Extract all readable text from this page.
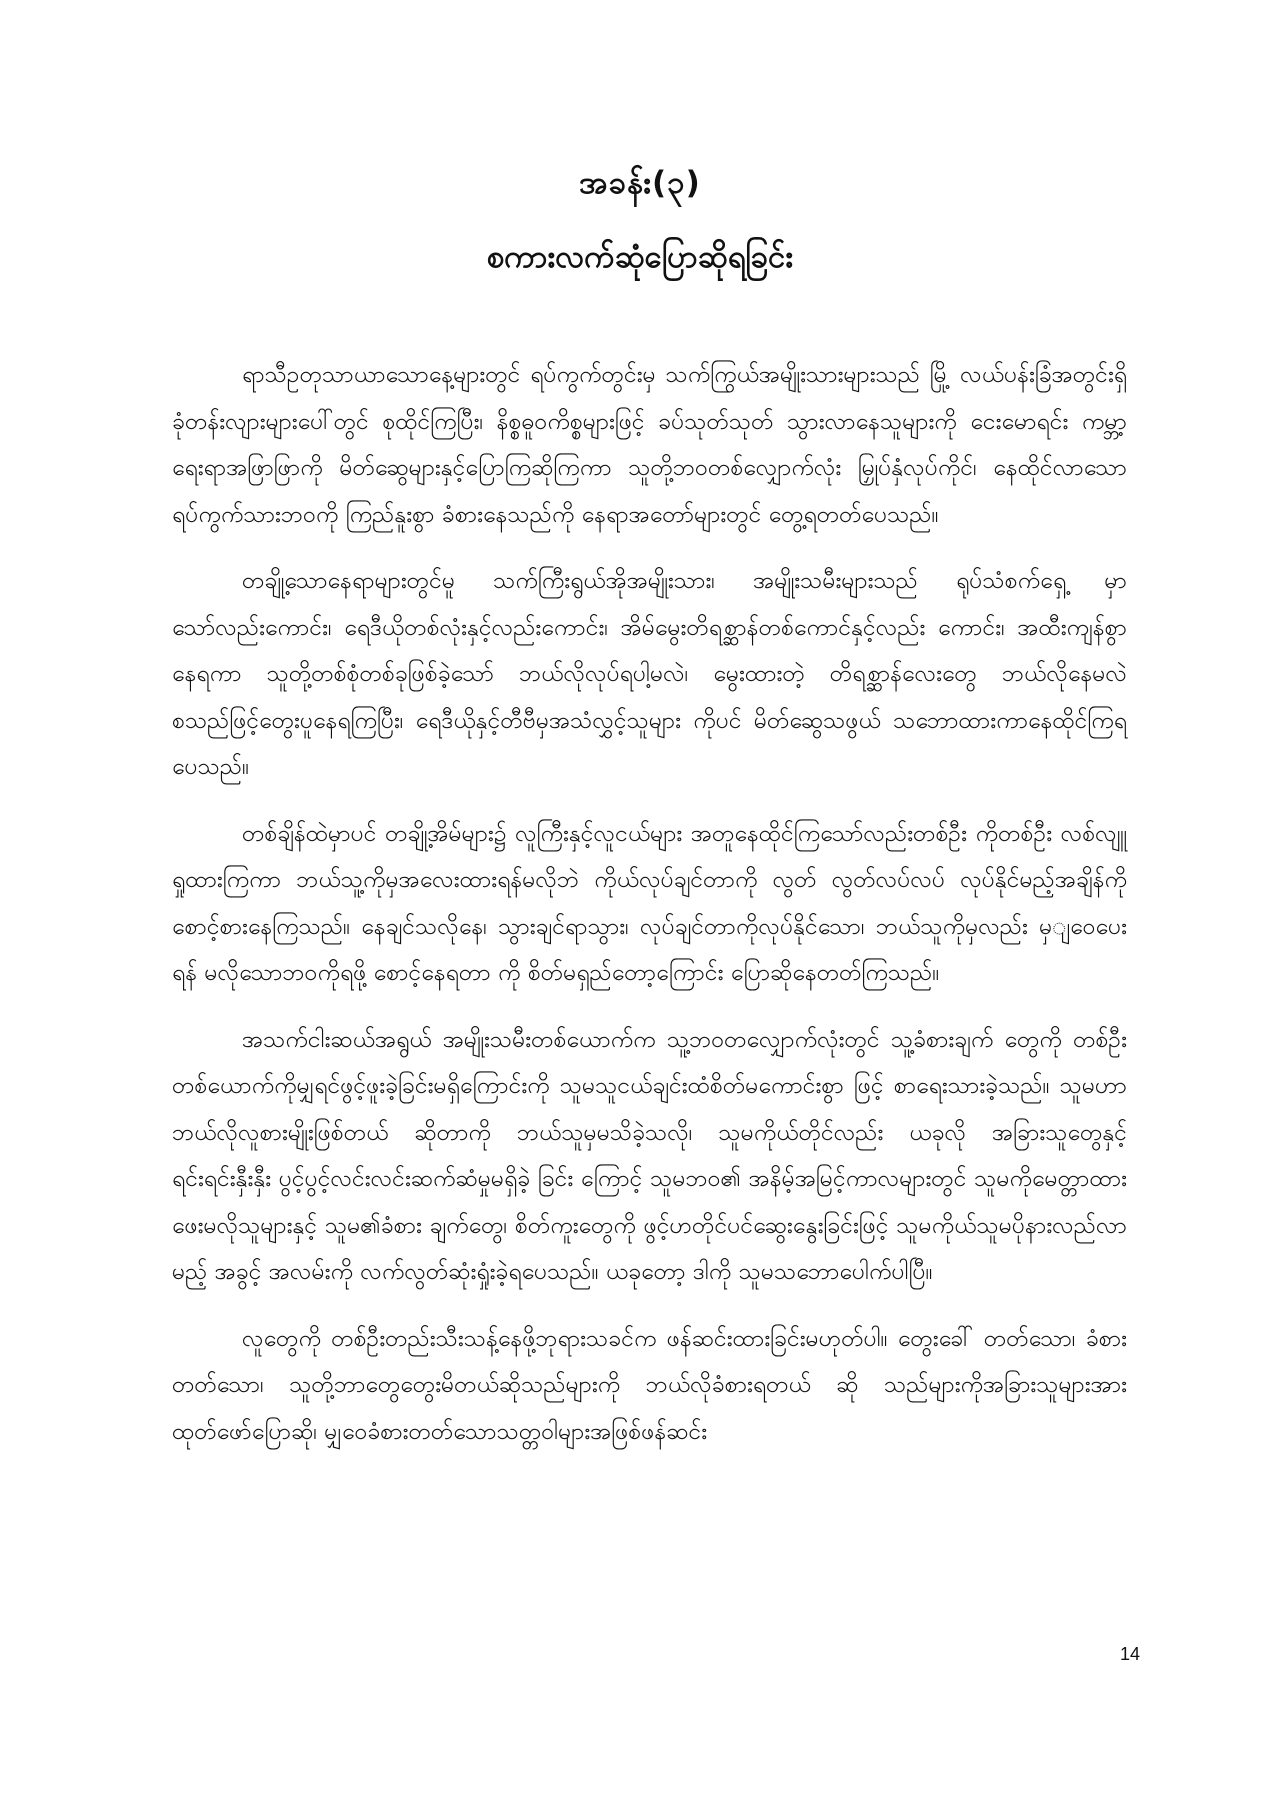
အခန်း(၃)
စကားလက်ဆုံပြောဆိုရခြင်း

ရာသီဥတုသာယာသောနေ့များတွင် ရပ်ကွက်တွင်းမှ သက်ကြွယ်အမျိုးသားများသည် မြို့ လယ်ပန်းခြံအတွင်းရှိ ခုံတန်းလျားများပေါ်တွင် စုထိုင်ကြပြီး၊ နိစ္စဓူဝကိစ္စများဖြင့် ခပ်သုတ်သုတ် သွားလာနေသူများကို ငေးမောရင်း ကမ္ဘာ့ရေးရာအဖြာဖြာကို မိတ်ဆွေများနှင့်ပြောကြဆိုကြကာ သူတို့ဘဝတစ်လျှောက်လုံး မြှုပ်နှံလုပ်ကိုင်၊ နေထိုင်လာသောရပ်ကွက်သားဘဝကို ကြည်နူးစွာ ခံစားနေသည်ကို နေရာအတော်များတွင် တွေ့ရတတ်ပေသည်။

တချို့သောနေရာများတွင်မူ သက်ကြီးရွယ်အိုအမျိုးသား၊ အမျိုးသမီးများသည် ရုပ်သံစက်ရှေ့ မှာသော်လည်းကောင်း၊ ရေဒီယိုတစ်လုံးနှင့်လည်းကောင်း၊ အိမ်မွေးတိရစ္ဆာန်တစ်ကောင်နှင့်လည်း ကောင်း၊ အထီးကျန်စွာနေရကာ သူတို့တစ်စုံတစ်ခုဖြစ်ခဲ့သော် ဘယ်လိုလုပ်ရပါ့မလဲ၊ မွေးထားတဲ့ တိရစ္ဆာန်လေးတွေ ဘယ်လိုနေမလဲ စသည်ဖြင့်တွေးပူနေရကြပြီး၊ ရေဒီယိုနှင့်တီဗီမှအသံလွှင့်သူများ ကိုပင် မိတ်ဆွေသဖွယ် သဘောထားကာနေထိုင်ကြရပေသည်။

တစ်ချိန်ထဲမှာပင် တချို့အိမ်များ၌ လူကြီးနှင့်လူငယ်များ အတူနေထိုင်ကြသော်လည်းတစ်ဦး ကိုတစ်ဦး လစ်လျူရှုထားကြကာ ဘယ်သူ့ကိုမှအလေးထားရန်မလိုဘဲ ကိုယ်လုပ်ချင်တာကို လွတ် လွတ်လပ်လပ် လုပ်နိုင်မည့်အချိန်ကို စောင့်စားနေကြသည်။ နေချင်သလိုနေ၊ သွားချင်ရာသွား၊ လုပ်ချင်တာကိုလုပ်နိုင်သော၊ ဘယ်သူကိုမှလည်း မှျဝေပေးရန် မလိုသောဘဝကိုရဖို့ စောင့်နေရတာ ကို စိတ်မရှည်တော့ကြောင်း ပြောဆိုနေတတ်ကြသည်။

အသက်ငါးဆယ်အရွယ် အမျိုးသမီးတစ်ယောက်က သူ့ဘဝတလျှောက်လုံးတွင် သူ့ခံစားချက် တွေကို တစ်ဦးတစ်ယောက်ကိုမျှရင်ဖွင့်ဖူးခဲ့ခြင်းမရှိကြောင်းကို သူမသူငယ်ချင်းထံစိတ်မကောင်းစွာ ဖြင့် စာရေးသားခဲ့သည်။ သူမဟာ ဘယ်လိုလူစားမျိုးဖြစ်တယ် ဆိုတာကို ဘယ်သူမှမသိခဲ့သလို၊ သူမကိုယ်တိုင်လည်း ယခုလို အခြားသူတွေနှင့်ရင်းရင်းနှီးနှီး ပွင့်ပွင့်လင်းလင်းဆက်ဆံမှုမရှိခဲ့ ခြင်း ကြောင့် သူမဘဝ၏ အနိမ့်အမြင့်ကာလများတွင် သူမကိုမေတ္တာထားဖေးမလိုသူများနှင့် သူမ၏ခံစား ချက်တွေ၊ စိတ်ကူးတွေကို ဖွင့်ဟတိုင်ပင်ဆွေးနွေးခြင်းဖြင့် သူမကိုယ်သူမပိုနားလည်လာမည့် အခွင့် အလမ်းကို လက်လွတ်ဆုံးရှုံးခဲ့ရပေသည်။ ယခုတော့ ဒါကို သူမသဘောပေါက်ပါပြီ။

လူတွေကို တစ်ဦးတည်းသီးသန့်နေဖို့ဘုရားသခင်က ဖန်ဆင်းထားခြင်းမဟုတ်ပါ။ တွေးခေါ် တတ်သော၊ ခံစားတတ်သော၊ သူတို့ဘာတွေတွေးမိတယ်ဆိုသည်များကို ဘယ်လိုခံစားရတယ် ဆို သည်များကိုအခြားသူများအား ထုတ်ဖော်ပြောဆို၊ မျှဝေခံစားတတ်သောသတ္တဝါများအဖြစ်ဖန်ဆင်း

14
